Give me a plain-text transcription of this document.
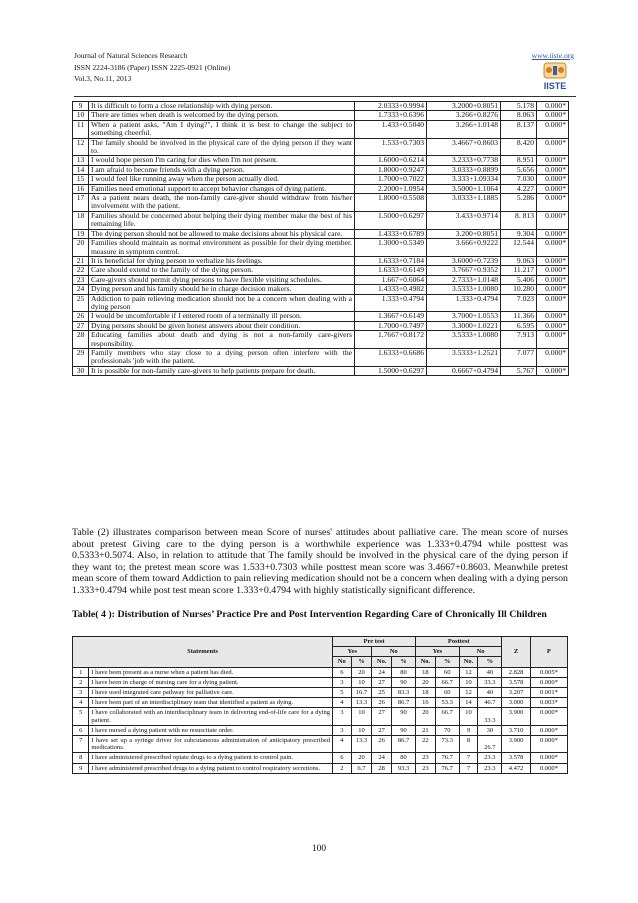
Journal of Natural Sciences Research
ISSN 2224-3186 (Paper) ISSN 2225-0921 (Online)
Vol.3, No.11, 2013
www.iiste.org
IISTE
9	It is difficult to form a close relationship with dying person.	2.0333+0.9994	3.2000+0.8051	5.178	0.000*
10	There are times when death is welcomed by the dying person.	1.7333+0.6396	3.266+0.8276	8.063	0.000*
11	When a patient asks, "Am I dying?", I think it is best to change the subject to something cheerful.	1.433+0.5040	3.266+1.0148	8.137	0.000*
12	The family should be involved in the physical care of the dying person if they want to.	1.533+0.7303	3.4667+0.8603	8.420	0.000*
13	I would hope person I'm caring for dies when I'm not present.	1.6000+0.6214	3.2333+0.7738	8.951	0.000*
14	I am afraid to become friends with a dying person.	1.8000+0.9247	3.0333+0.8899	5.656	0.000*
15	I would feel like running away when the person actually died.	1.7000+0.7022	3.333+1.09334	7.030	0.000*
16	Families need emotional support to accept behavior changes of dying patient.	2.2000+1.0954	3.5000+1.1064	4.227	0.000*
17	As a patient nears death, the non-family care-giver should withdraw from his/her involvement with the patient.	1.8000+0.5508	3.0333+1.1885	5.286	0.000*
18	Families should be concerned about helping their dying member make the best of his remaining life.	1.5000+0.6297	3.433+0.9714	8. 813	0.000*
19	The dying person should not be allowed to make decisions about his physical care.	1.4333+0.6789	3.200+0.8051	9.304	0.000*
20	Families should maintain as normal environment as possible for their dying member. measure in symptom control.	1.3000+0.5349	3.666+0.9222	12.544	0.000*
21	It is beneficial for dying person to verbalize his feelings.	1.6333+0.7184	3.6000+0.7239	9.063	0.000*
22	Care should extend to the family of the dying person.	1.6333+0.6149	3.7667+0.9352	11.217	0.000*
23	Care-givers should permit dying persons to have flexible visiting schedules.	1.667+0.6064	2.7333+1.0148	5.406	0.000*
24	Dying person and his family should be in charge decision makers.	1.4333+0.4982	3.5333+1.0080	10.280	0.000*
25	Addiction to pain relieving medication should not be a concern when dealing with a dying person	1.333+0.4794	1.333+0.4794	7.023	0.000*
26	I would be uncomfortable if I entered room of a terminally ill person.	1.3667+0.6149	3.7000+1.0553	11.366	0.000*
27	Dying persons should be given honest answers about their condition.	1.7000+0.7497	3.3000+1.0221	6.595	0.000*
28	Educating families about death and dying is not a non-family care-givers responsibility.	1.7667+0.8172	3.5333+1.0080	7.913	0.000*
29	Family members who stay close to a dying person often interfere with the professionals 'job with the patient.	1.6333+0.6686	3.5333+1.2521	7.077	0.000*
30	It is possible for non-family care-givers to help patients prepare for death.	1.5000+0.6297	0.6667+0.4794	5.767	0.000*
Table (2) illustrates comparison between mean Score of nurses' attitudes about palliative care. The mean score of nurses about pretest Giving care to the dying person is a worthwhile experience was 1.333+0.4794 while posttest was 0.5333+0.5074. Also, in relation to attitude that The family should be involved in the physical care of the dying person if they want to; the pretest mean score was 1.533+0.7303 while posttest mean score was 3.4667+0.8603. Meanwhile pretest mean score of them toward Addiction to pain relieving medication should not be a concern when dealing with a dying person 1.333+0.4794 while post test mean score 1.333+0.4794 with highly statistically significant difference.
Table( 4 ): Distribution of Nurses’ Practice Pre and Post Intervention Regarding Care of Chronically Ill Children
Statements		Pre test				Posttest				Z	P
		Yes		No		Yes		No			
		No	%	No.	%	No.	%	No.	%		
1	I have been present as a nurse when a patient has died.	6	20	24	80	18	60	12	40	2.828	0.005*
2	I have been in charge of nursing care for a dying patient.	3	10	27	90	20	66.7	10	33.3	3.578	0.000*
3	I have used integrated care pathway for palliative care.	5	16.7	25	83.3	18	60	12	40	3.207	0.001*
4	I have been part of an interdisciplinary team that identified a patient as dying.	4	13.3	26	86.7	16	53.3	14	46.7	3.000	0.003*
5	I have collaborated with an interdisciplinary team in delivering end-of-life care for a dying patient.	3	10	27	90	20	66.7	10	33.3	3.900	0.000*
6	I have nursed a dying patient with no resuscitate order.	3	10	27	90	21	70	9	30	3.710	0.000*
7	I have set up a syringe driver for subcutaneous administration of anticipatory prescribed medications.	4	13.3	26	86.7	22	73.3	8	26.7	3.900	0.000*
8	I have administered prescribed opiate drugs to a dying patient to control pain.	6	20	24	80	23	76.7	7	23.3	3.578	0.000*
9	I have administered prescribed drugs to a dying patient to control respiratory secretions.	2	6.7	28	93.3	23	76.7	7	23.3	4.472	0.000*
100
